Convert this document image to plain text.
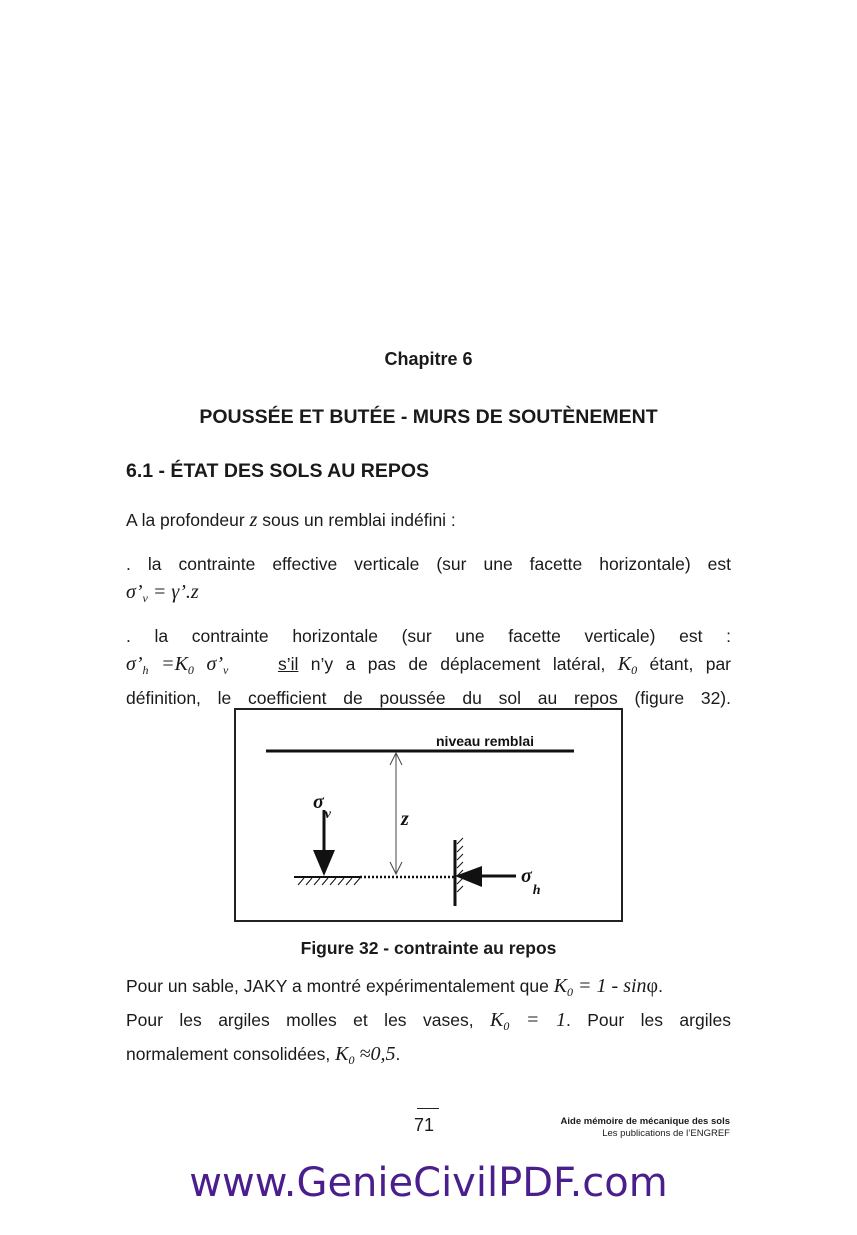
Chapitre 6
POUSSÉE ET BUTÉE - MURS DE SOUTÈNEMENT
6.1 - ÉTAT DES SOLS AU REPOS
A la profondeur z sous un remblai indéfini :
. la contrainte effective verticale (sur une facette horizontale) est
$\sigma’_v$ = γ’.z
. la contrainte horizontale (sur une facette verticale) est :
$\sigma’_h =K_0$ $\sigma’_v$	s’il n’y a pas de déplacement latéral, $K_0$ étant, par
définition, le coefficient de poussée du sol au repos (figure 32).
niveau remblai
z
$\sigma_v$
$\sigma_h$
Figure 32 - contrainte au repos
Pour un sable, JAKY a montré expérimentalement que $K_0 = 1 - \sin\varphi$.
Pour les argiles molles et les vases, $K_0 = 1$. Pour les argiles
normalement consolidées, $K_0 \approx 0,5$.
71	Aide mémoire de mécanique des sols
Les publications de l’ENGREF
www.GenieCivilPDF.com
